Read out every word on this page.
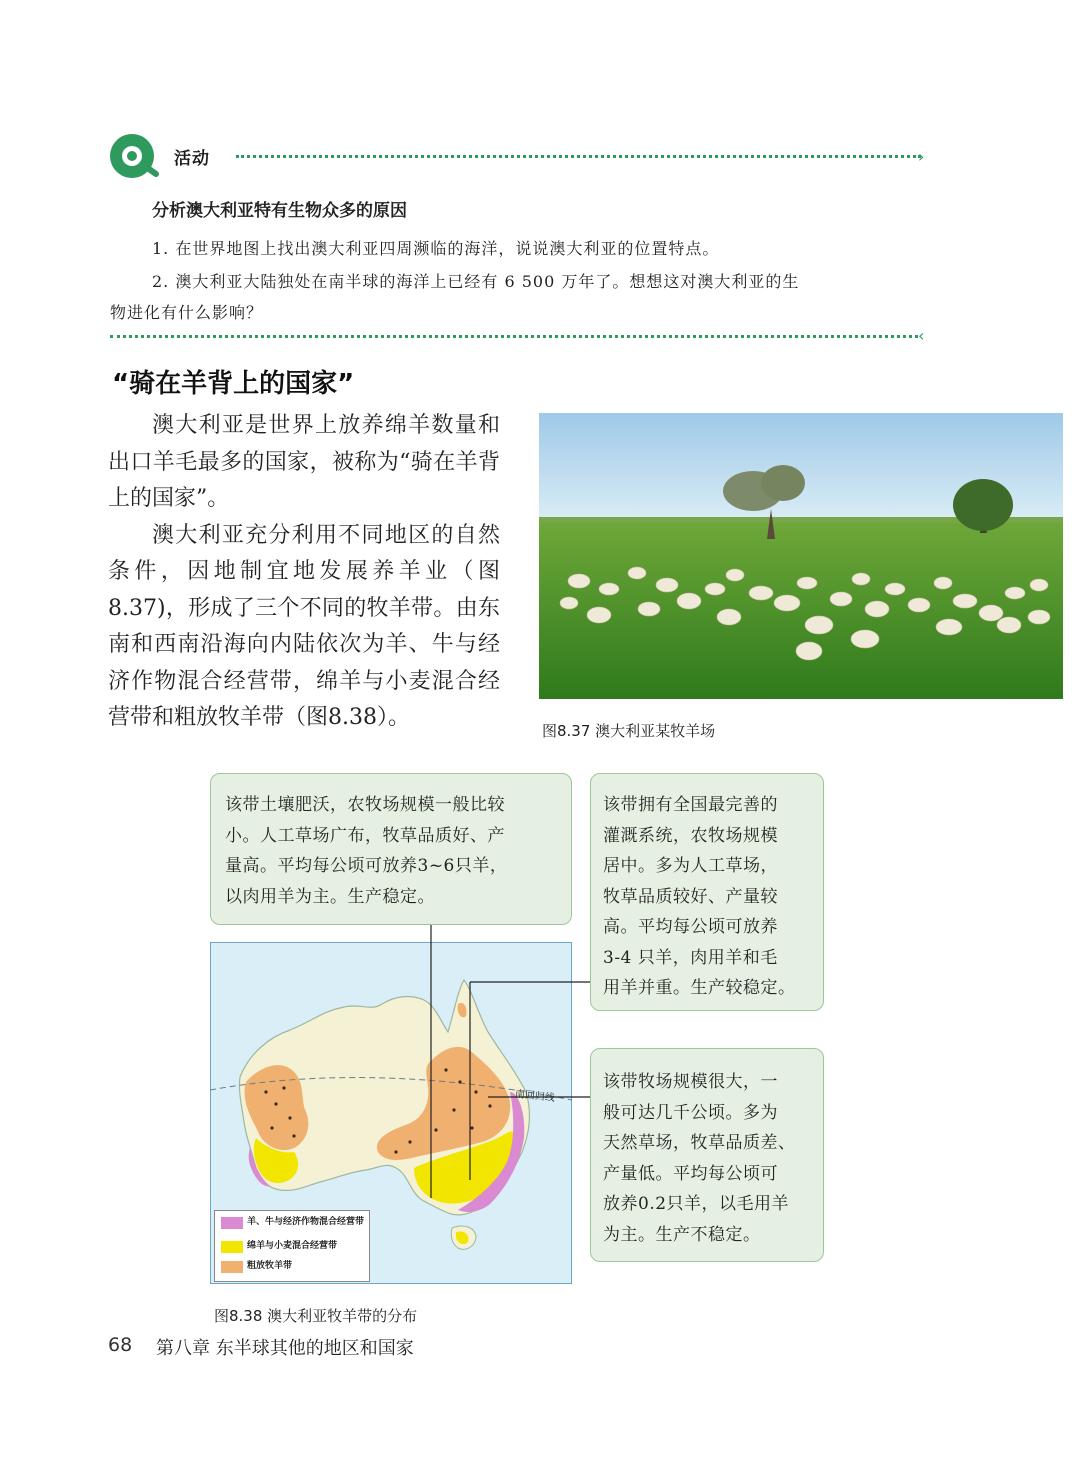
活动	›
分析澳大利亚特有生物众多的原因
1. 在世界地图上找出澳大利亚四周濒临的海洋，说说澳大利亚的位置特点。
2. 澳大利亚大陆独处在南半球的海洋上已经有 6 500 万年了。想想这对澳大利亚的生
物进化有什么影响？
‹
“骑在羊背上的国家”

澳大利亚是世界上放养绵羊数量和出口羊毛最多的国家，被称为“骑在羊背上的国家”。

澳大利亚充分利用不同地区的自然条件，因地制宜地发展养羊业（图8.37)，形成了三个不同的牧羊带。由东南和西南沿海向内陆依次为羊、牛与经济作物混合经营带，绵羊与小麦混合经营带和粗放牧羊带（图8.38）。

图8.37 澳大利亚某牧羊场

该带土壤肥沃，农牧场规模一般比较

小。人工草场广布，牧草品质好、产

量高。平均每公顷可放养3~6只羊，

以肉用羊为主。生产稳定。

该带拥有全国最完善的

灌溉系统，农牧场规模

居中。多为人工草场，

牧草品质较好、产量较

高。平均每公顷可放养

3-4 只羊，肉用羊和毛

用羊并重。生产较稳定。

该带牧场规模很大，一

般可达几千公顷。多为

天然草场，牧草品质差、

产量低。平均每公顷可

放养0.2只羊，以毛用羊

为主。生产不稳定。

南回归线
羊、牛与经济作物混合经营带
绵羊与小麦混合经营带
粗放牧羊带
图8.38 澳大利亚牧羊带的分布
68 第八章 东半球其他的地区和国家
